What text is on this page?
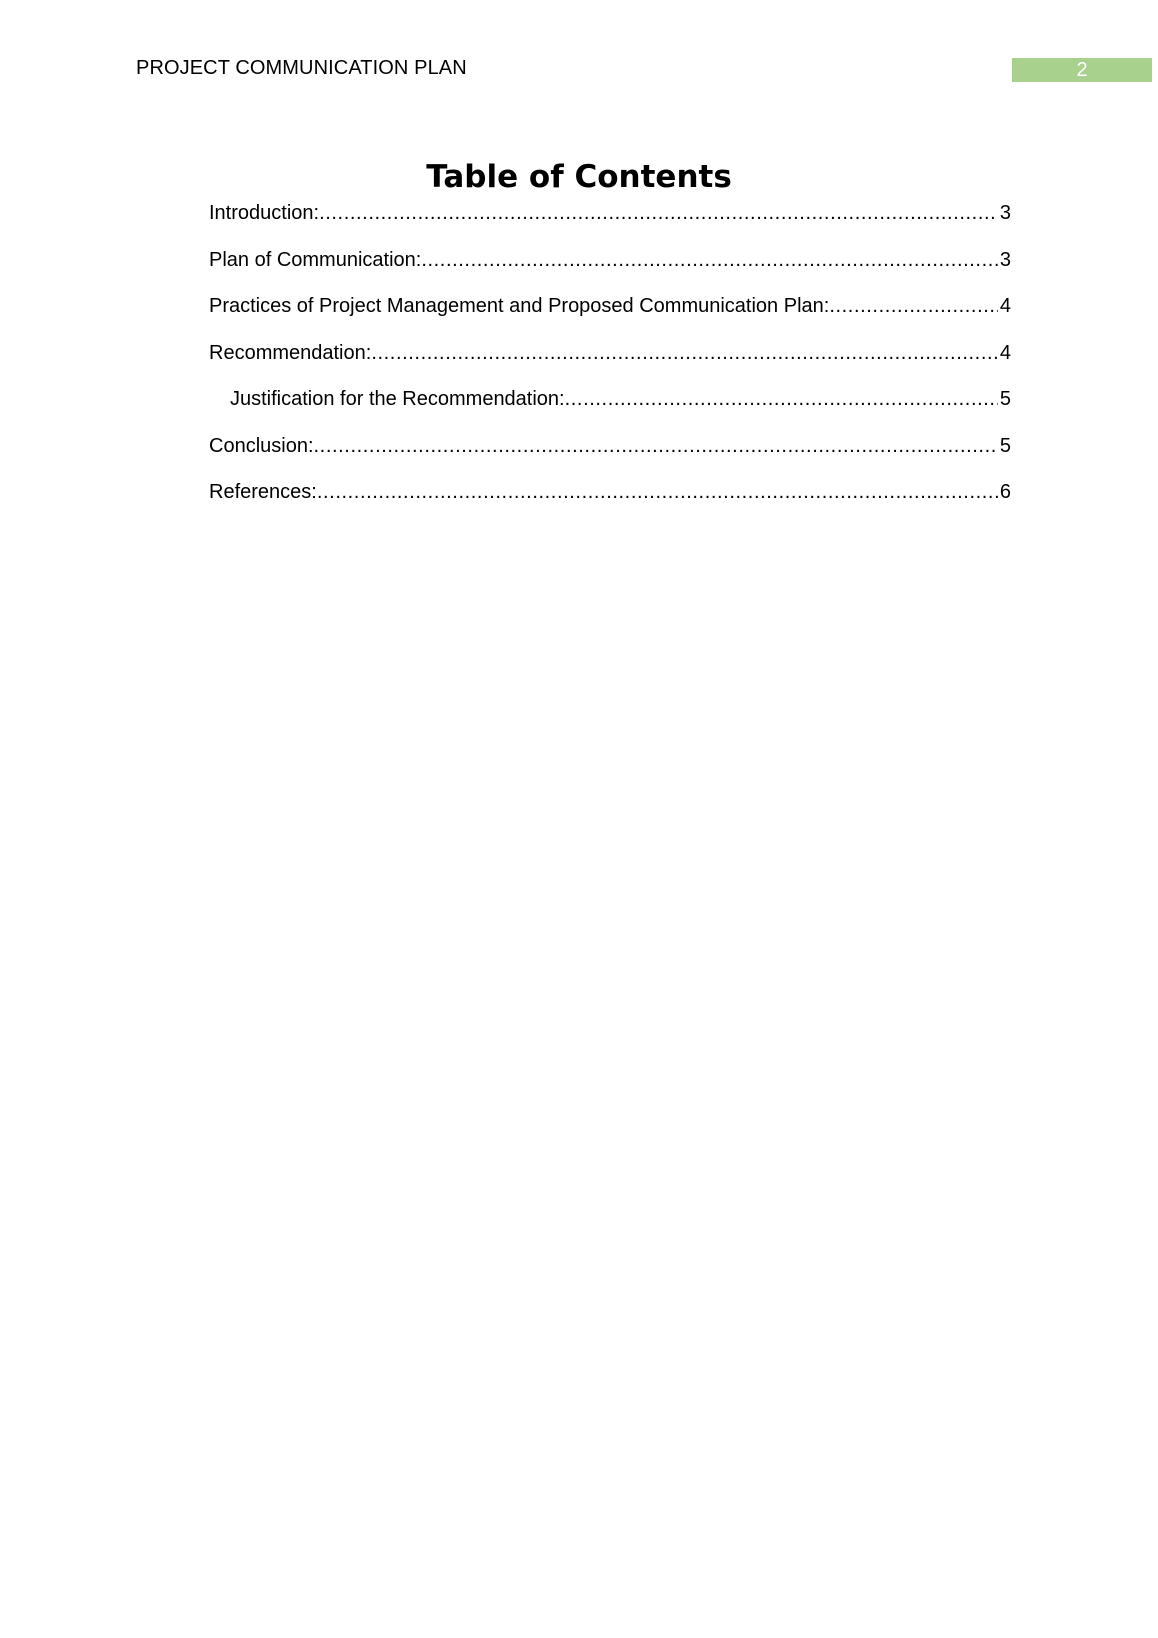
PROJECT COMMUNICATION PLAN	2
Table of Contents
Introduction: .....	3
Plan of Communication: .....	3
Practices of Project Management and Proposed Communication Plan: .....	4
Recommendation: .....	4
Justification for the Recommendation: .....	5
Conclusion: .....	5
References: .....	6
